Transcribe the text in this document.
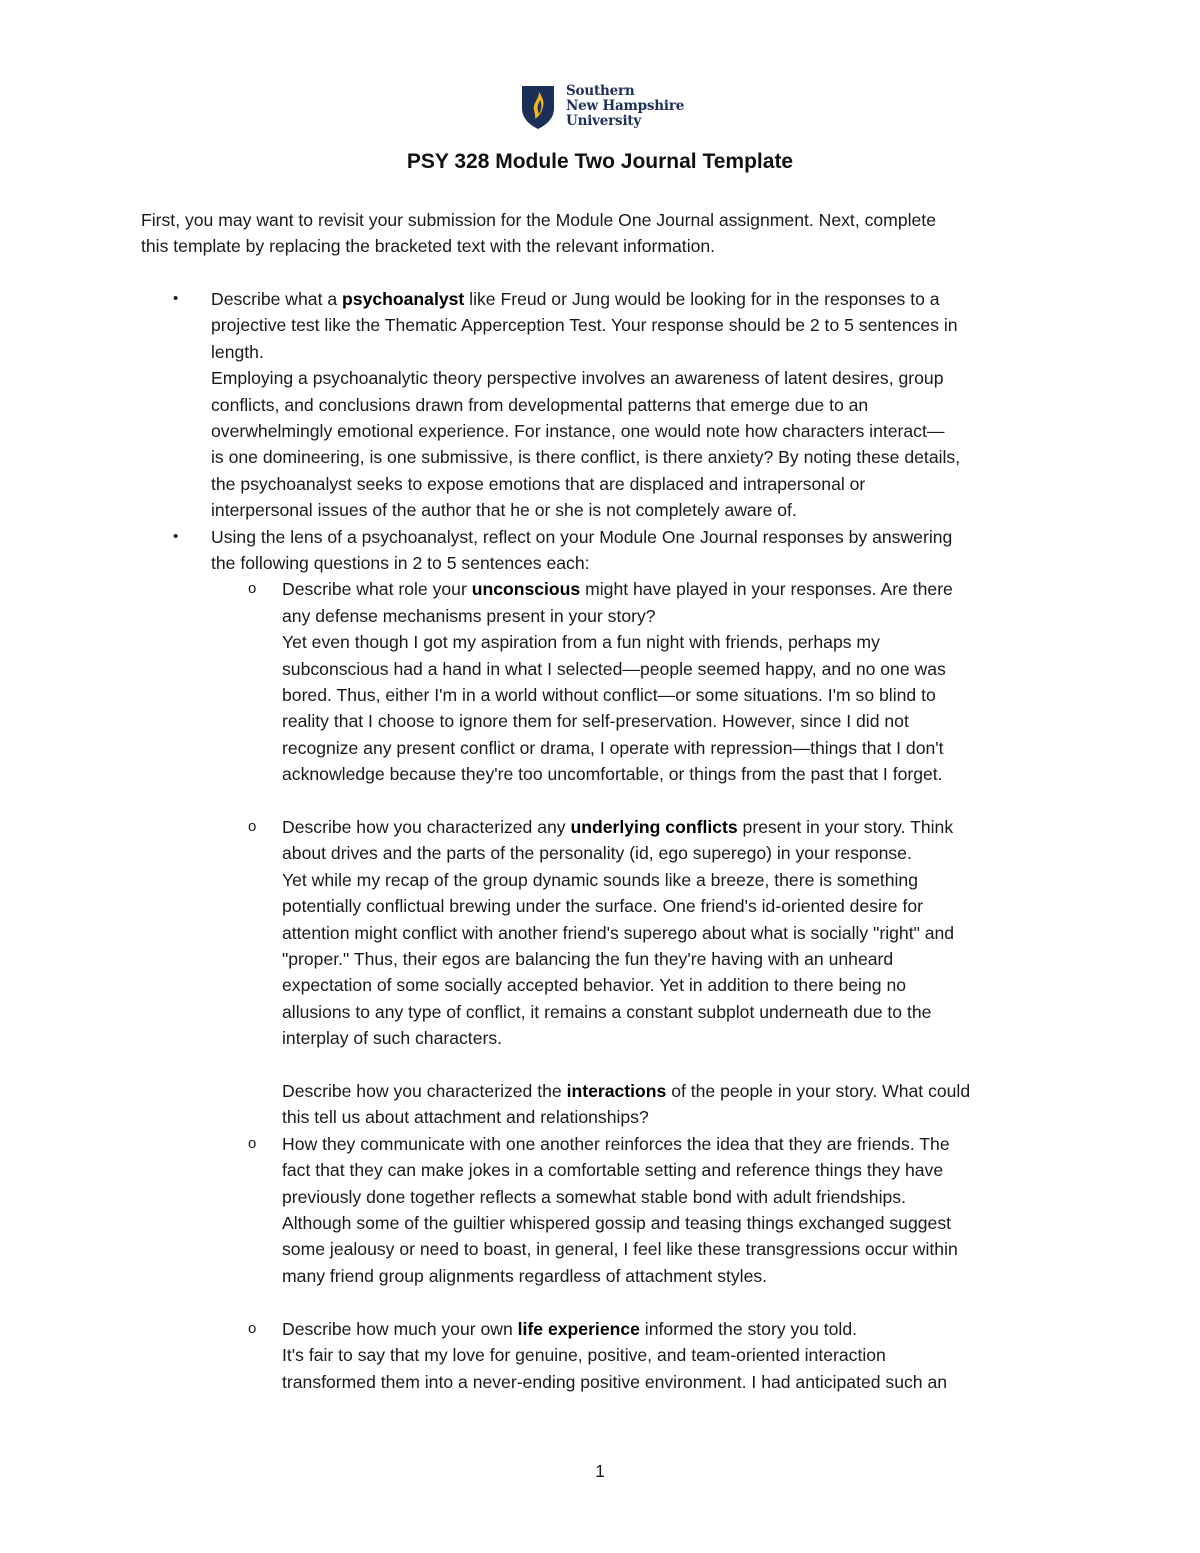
Southern
New Hampshire
University
PSY 328 Module Two Journal Template
First, you may want to revisit your submission for the Module One Journal assignment. Next, complete
this template by replacing the bracketed text with the relevant information.
• Describe what a psychoanalyst like Freud or Jung would be looking for in the responses to a
projective test like the Thematic Apperception Test. Your response should be 2 to 5 sentences in
length.
Employing a psychoanalytic theory perspective involves an awareness of latent desires, group
conflicts, and conclusions drawn from developmental patterns that emerge due to an
overwhelmingly emotional experience. For instance, one would note how characters interact—
is one domineering, is one submissive, is there conflict, is there anxiety? By noting these details,
the psychoanalyst seeks to expose emotions that are displaced and intrapersonal or
interpersonal issues of the author that he or she is not completely aware of.
• Using the lens of a psychoanalyst, reflect on your Module One Journal responses by answering
the following questions in 2 to 5 sentences each:
o Describe what role your unconscious might have played in your responses. Are there
any defense mechanisms present in your story?
Yet even though I got my aspiration from a fun night with friends, perhaps my
subconscious had a hand in what I selected—people seemed happy, and no one was
bored. Thus, either I'm in a world without conflict—or some situations. I'm so blind to
reality that I choose to ignore them for self-preservation. However, since I did not
recognize any present conflict or drama, I operate with repression—things that I don't
acknowledge because they're too uncomfortable, or things from the past that I forget.
o Describe how you characterized any underlying conflicts present in your story. Think
about drives and the parts of the personality (id, ego superego) in your response.
Yet while my recap of the group dynamic sounds like a breeze, there is something
potentially conflictual brewing under the surface. One friend's id-oriented desire for
attention might conflict with another friend's superego about what is socially "right" and
"proper." Thus, their egos are balancing the fun they're having with an unheard
expectation of some socially accepted behavior. Yet in addition to there being no
allusions to any type of conflict, it remains a constant subplot underneath due to the
interplay of such characters.
Describe how you characterized the interactions of the people in your story. What could
this tell us about attachment and relationships?
o How they communicate with one another reinforces the idea that they are friends. The
fact that they can make jokes in a comfortable setting and reference things they have
previously done together reflects a somewhat stable bond with adult friendships.
Although some of the guiltier whispered gossip and teasing things exchanged suggest
some jealousy or need to boast, in general, I feel like these transgressions occur within
many friend group alignments regardless of attachment styles.
o Describe how much your own life experience informed the story you told.
It's fair to say that my love for genuine, positive, and team-oriented interaction
transformed them into a never-ending positive environment. I had anticipated such an
1
